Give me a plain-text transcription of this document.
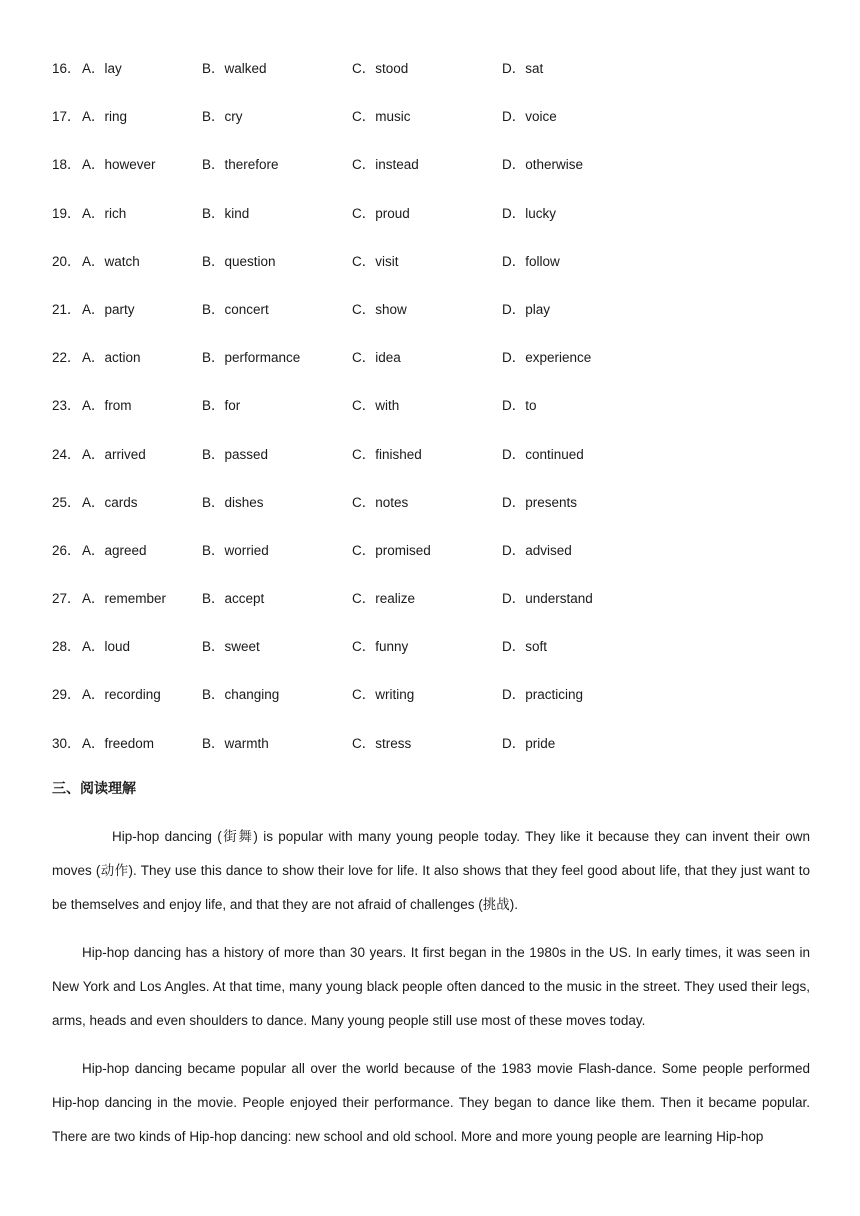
16． A．lay	B．walked	C．stood	D．sat
17． A．ring	B．cry	C．music	D．voice
18． A．however	B．therefore	C．instead	D．otherwise
19． A．rich	B．kind	C．proud	D．lucky
20． A．watch	B．question	C．visit	D．follow
21． A．party	B．concert	C．show	D．play
22． A．action	B．performance	C．idea	D．experience
23． A．from	B．for	C．with	D．to
24． A．arrived	B．passed	C．finished	D．continued
25． A．cards	B．dishes	C．notes	D．presents
26． A．agreed	B．worried	C．promised	D．advised
27． A．remember	B．accept	C．realize	D．understand
28． A．loud	B．sweet	C．funny	D．soft
29． A．recording	B．changing	C．writing	D．practicing
30． A．freedom	B．warmth	C．stress	D．pride
三、阅读理解

Hip-hop dancing (街舞) is popular with many young people today. They like it because they can invent their own moves (动作). They use this dance to show their love for life. It also shows that they feel good about life, that they just want to be themselves and enjoy life, and that they are not afraid of challenges (挑战).

Hip-hop dancing has a history of more than 30 years. It first began in the 1980s in the US. In early times, it was seen in New York and Los Angles. At that time, many young black people often danced to the music in the street. They used their legs, arms, heads and even shoulders to dance. Many young people still use most of these moves today.

Hip-hop dancing became popular all over the world because of the 1983 movie Flash-dance. Some people performed Hip-hop dancing in the movie. People enjoyed their performance. They began to dance like them. Then it became popular. There are two kinds of Hip-hop dancing: new school and old school. More and more young people are learning Hip-hop
